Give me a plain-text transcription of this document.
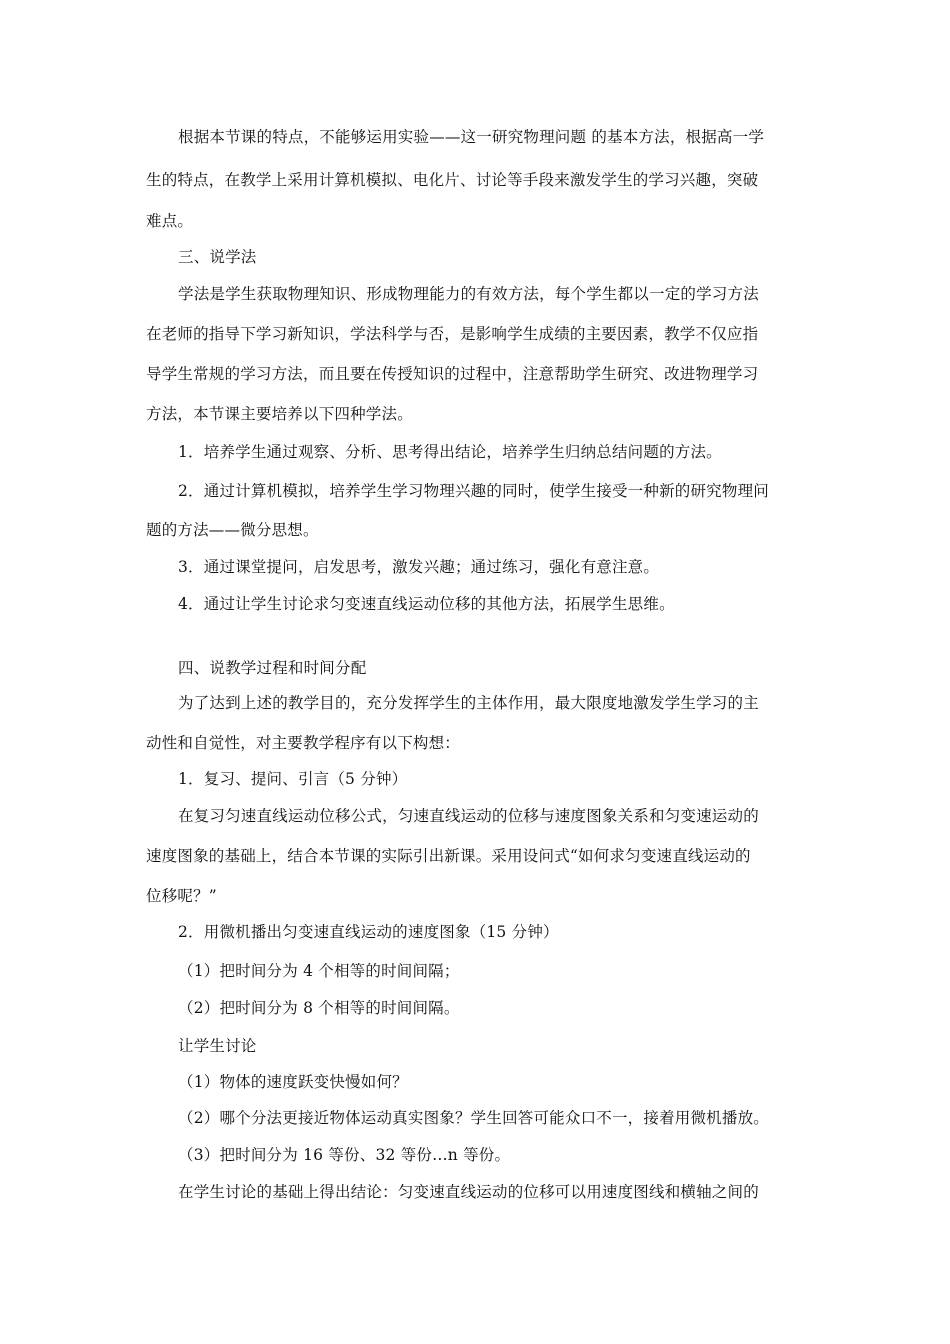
根据本节课的特点，不能够运用实验——这一研究物理问题 的基本方法，根据高一学
生的特点，在教学上采用计算机模拟、电化片、讨论等手段来激发学生的学习兴趣，突破
难点。
三、说学法
学法是学生获取物理知识、形成物理能力的有效方法，每个学生都以一定的学习方法
在老师的指导下学习新知识，学法科学与否，是影响学生成绩的主要因素，教学不仅应指
导学生常规的学习方法，而且要在传授知识的过程中，注意帮助学生研究、改进物理学习
方法，本节课主要培养以下四种学法。
1．培养学生通过观察、分析、思考得出结论，培养学生归纳总结问题的方法。
2．通过计算机模拟，培养学生学习物理兴趣的同时，使学生接受一种新的研究物理问
题的方法——微分思想。
3．通过课堂提问，启发思考，激发兴趣；通过练习，强化有意注意。
4．通过让学生讨论求匀变速直线运动位移的其他方法，拓展学生思维。
四、说教学过程和时间分配
为了达到上述的教学目的，充分发挥学生的主体作用，最大限度地激发学生学习的主
动性和自觉性，对主要教学程序有以下构想：
1．复习、提问、引言（5 分钟）
在复习匀速直线运动位移公式，匀速直线运动的位移与速度图象关系和匀变速运动的
速度图象的基础上，结合本节课的实际引出新课。采用设问式“如何求匀变速直线运动的
位移呢？”
2．用微机播出匀变速直线运动的速度图象（15 分钟）
（1）把时间分为 4 个相等的时间间隔；
（2）把时间分为 8 个相等的时间间隔。
让学生讨论
（1）物体的速度跃变快慢如何？
（2）哪个分法更接近物体运动真实图象？学生回答可能众口不一，接着用微机播放。
（3）把时间分为 16 等份、32 等份…n 等份。
在学生讨论的基础上得出结论：匀变速直线运动的位移可以用速度图线和横轴之间的
